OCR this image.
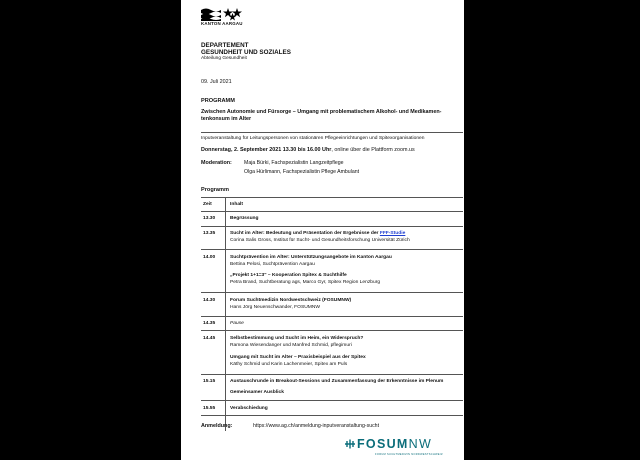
KANTON AARGAU
DEPARTEMENT
GESUNDHEIT UND SOZIALES
Abteilung Gesundheit
09. Juli 2021
PROGRAMM
Zwischen Autonomie und Fürsorge – Umgang mit problematischem Alkohol- und Medikamen-tenkonsum im Alter
Inputveranstaltung für Leitungspersonen von stationären Pflegeeinrichtungen und Spitexorganisationen
Donnerstag, 2. September 2021 13.30 bis 16.00 Uhr, online über die Plattform zoom.us
Moderation: Maja Bürki, Fachspezialistin Langzeitpflege
Olga Hürlimann, Fachspezialistin Pflege Ambulant
Programm
Zeit	Inhalt
13.30	Begrüssung
13.35	Sucht im Alter: Bedeutung und Präsentation der Ergebnisse der FFF-Studie
Corina Salis Gross, Institut für Sucht- und Gesundheitsforschung Universität Zürich
14.00	Suchtprävention im Alter: Unterstützungsangebote im Kanton Aargau
Bettina Pelosi, Suchtprävention Aargau
„Projekt 1+1=3" – Kooperation Spitex & Suchthilfe
Petra Brand, Suchtberatung ags, Marco Gyr, Spitex Region Lenzburg
14.30	Forum Suchtmedizin Nordwestschweiz (FOSUMNW)
Hans Jörg Neuenschwander, FOSUMNW
14.35	Pause
14.45	Selbstbestimmung und Sucht im Heim, ein Widerspruch?
Ramona Wiesendanger und Manfred Schmid, pflegimuri
Umgang mit Sucht im Alter – Praxisbeispiel aus der Spitex
Käthy Schmid und Karin Lachenmeier, Spitex am Puls
15.15	Austauschrunde in Breakout-Sessions und Zusammenfassung der Erkenntnisse im Plenum
Gemeinsamer Ausblick
15.55	Verabschiedung
Anmeldung:	https://www.ag.ch/anmeldung-inputveranstaltung-sucht
FOSUMNW
FORUM SUCHTMEDIZIN NORDWESTSCHWEIZ
